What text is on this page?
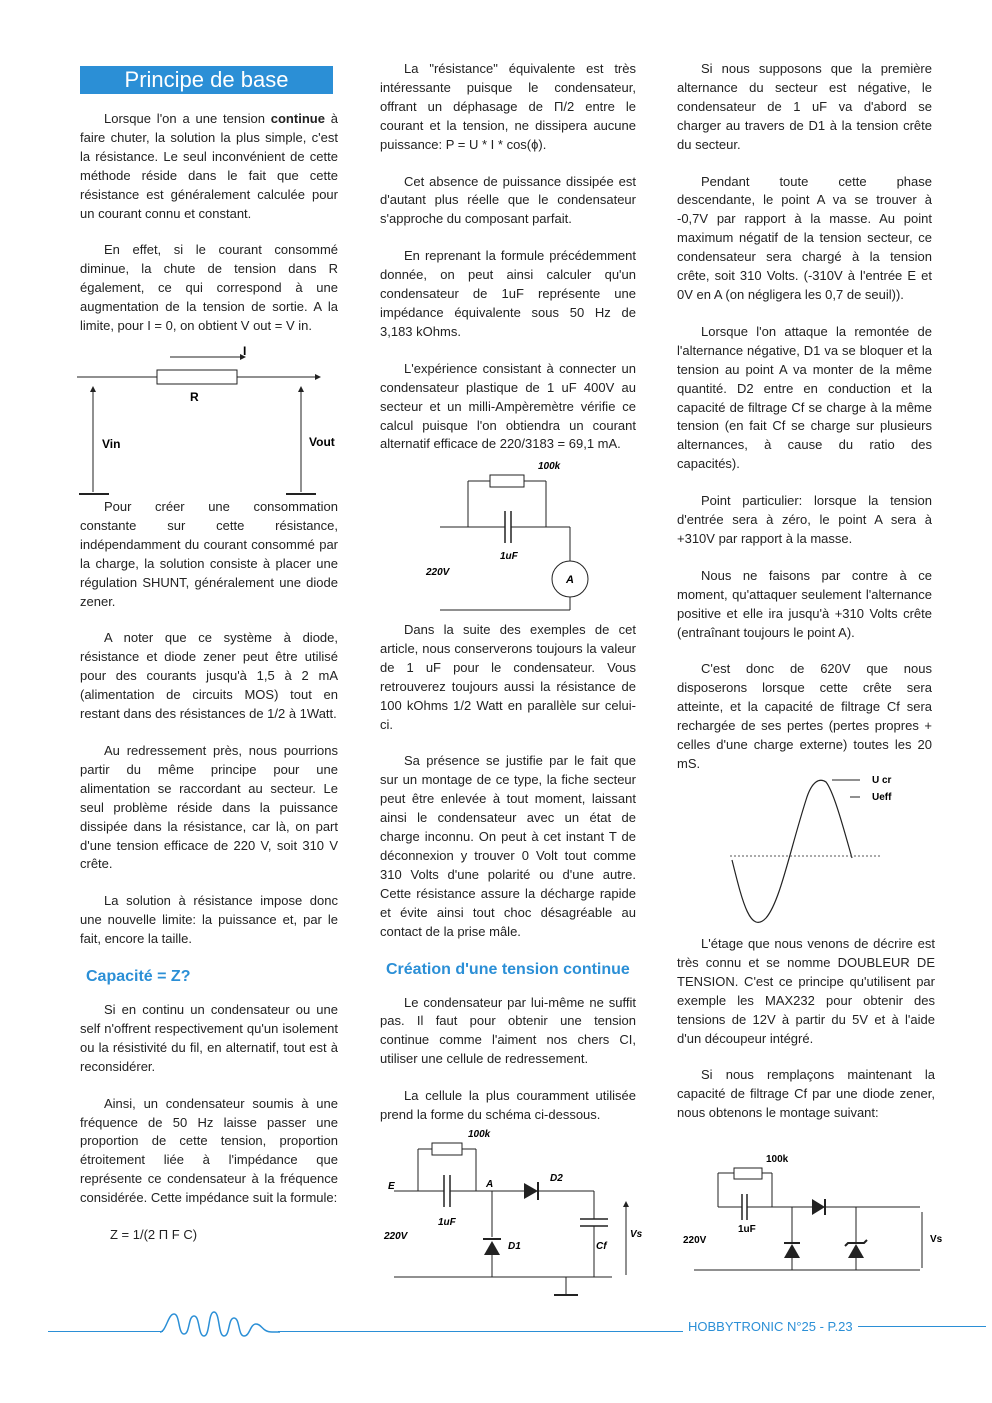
Principe de base

Lorsque l'on a une tension continue à faire chuter, la solution la plus simple, c'est la résistance. Le seul inconvénient de cette méthode réside dans le fait que cette résistance est généralement calculée pour un courant connu et constant.

En effet, si le courant consommé diminue, la chute de tension dans R également, ce qui correspond à une augmentation de la tension de sortie. A la limite, pour I = 0, on obtient V out = V in.

I
R
Vin	Vout

Pour créer une consommation constante sur cette résistance, indépendamment du courant consommé par la charge, la solution consiste à placer une régulation SHUNT, généralement une diode zener.

A noter que ce système à diode, résistance et diode zener peut être utilisé pour des courants jusqu'à 1,5 à 2 mA (alimentation de circuits MOS) tout en restant dans des résistances de 1/2 à 1Watt.

Au redressement près, nous pourrions partir du même principe pour une alimentation se raccordant au secteur. Le seul problème réside dans la puissance dissipée dans la résistance, car là, on part d'une tension efficace de 220 V, soit 310 V crête.

La solution à résistance impose donc une nouvelle limite: la puissance et, par le fait, encore la taille.

Capacité = Z?

Si en continu un condensateur ou une self n'offrent respectivement qu'un isolement ou la résistivité du fil, en alternatif, tout est à reconsidérer.

Ainsi, un condensateur soumis à une fréquence de 50 Hz laisse passer une proportion de cette tension, proportion étroitement liée à l'impédance que représente ce condensateur à la fréquence considérée. Cette impédance suit la formule:

Z = 1/(2 Π F C)

La "résistance" équivalente est très intéressante puisque le condensateur, offrant un déphasage de Π/2 entre le courant et la tension, ne dissipera aucune puissance: P = U * I * cos(ϕ).

Cet absence de puissance dissipée est d'autant plus réelle que le condensateur s'approche du composant parfait.

En reprenant la formule précédemment donnée, on peut ainsi calculer qu'un condensateur de 1uF représente une impédance équivalente sous 50 Hz de 3,183 kOhms.

L'expérience consistant à connecter un condensateur plastique de 1 uF 400V au secteur et un milli-Ampèremètre vérifie ce calcul puisque l'on obtiendra un courant alternatif efficace de 220/3183 = 69,1 mA.

100k
1uF
A
220V

Dans la suite des exemples de cet article, nous conserverons toujours la valeur de 1 uF pour le condensateur. Vous retrouverez toujours aussi la résistance de 100 kOhms 1/2 Watt en parallèle sur celui-ci.

Sa présence se justifie par le fait que sur un montage de ce type, la fiche secteur peut être enlevée à tout moment, laissant ainsi le condensateur avec un état de charge inconnu. On peut à cet instant T de déconnexion y trouver 0 Volt tout comme 310 Volts d'une polarité ou d'une autre. Cette résistance assure la décharge rapide et évite ainsi tout choc désagréable au contact de la prise mâle.

Création d'une tension continue

Le condensateur par lui-même ne suffit pas. Il faut pour obtenir une tension continue comme l'aiment nos chers CI, utiliser une cellule de redressement.

La cellule la plus couramment utilisée prend la forme du schéma ci-dessous.

100k
E	A
D2
Cf
D1
1uF
220V	Vs

Si nous supposons que la première alternance du secteur est négative, le condensateur de 1 uF va d'abord se charger au travers de D1 à la tension crête du secteur.

Pendant toute cette phase descendante, le point A va se trouver à -0,7V par rapport à la masse. Au point maximum négatif de la tension secteur, ce condensateur sera chargé à la tension crête, soit 310 Volts. (-310V à l'entrée E et 0V en A (on négligera les 0,7 de seuil)).

Lorsque l'on attaque la remontée de l'alternance négative, D1 va se bloquer et la tension au point A va monter de la même quantité. D2 entre en conduction et la capacité de filtrage Cf se charge à la même tension (en fait Cf se charge sur plusieurs alternances, à cause du ratio des capacités).

Point particulier: lorsque la tension d'entrée sera à zéro, le point A sera à +310V par rapport à la masse.

Nous ne faisons par contre à ce moment, qu'attaquer seulement l'alternance positive et elle ira jusqu'à +310 Volts crête (entraînant toujours le point A).

C'est donc de 620V que nous disposerons lorsque cette crête sera atteinte, et la capacité de filtrage Cf sera rechargée de ses pertes (pertes propres + celles d'une charge externe) toutes les 20 mS.

U cr
Ueff

L'étage que nous venons de décrire est très connu et se nomme DOUBLEUR DE TENSION. C'est ce principe qu'utilisent par exemple les MAX232 pour obtenir des tensions de 12V à partir du 5V et à l'aide d'un découpeur intégré.

Si nous remplaçons maintenant la capacité de filtrage Cf par une diode zener, nous obtenons le montage suivant:

100k
1uF
220V	Vs
HOBBYTRONIC N°25 - P.23
